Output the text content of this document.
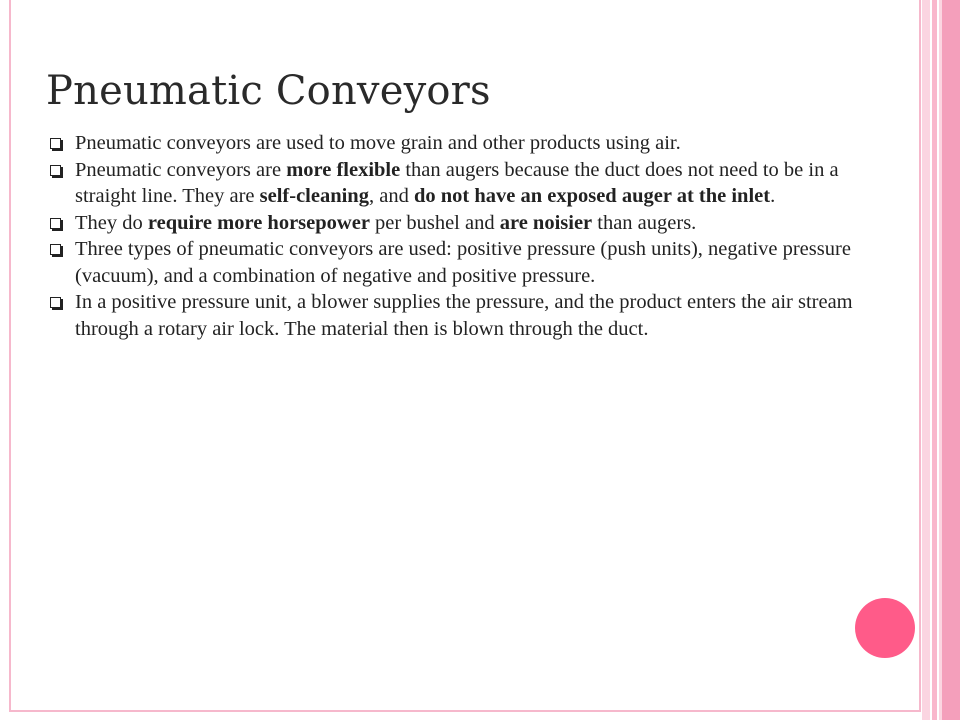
Pneumatic Conveyors
Pneumatic conveyors are used to move grain and other products using air.
Pneumatic conveyors are more flexible than augers because the duct does not need to be in a straight line. They are self-cleaning, and do not have an exposed auger at the inlet.
They do require more horsepower per bushel and are noisier than augers.
Three types of pneumatic conveyors are used: positive pressure (push units), negative pressure (vacuum), and a combination of negative and positive pressure.
In a positive pressure unit, a blower supplies the pressure, and the product enters the air stream through a rotary air lock. The material then is blown through the duct.
